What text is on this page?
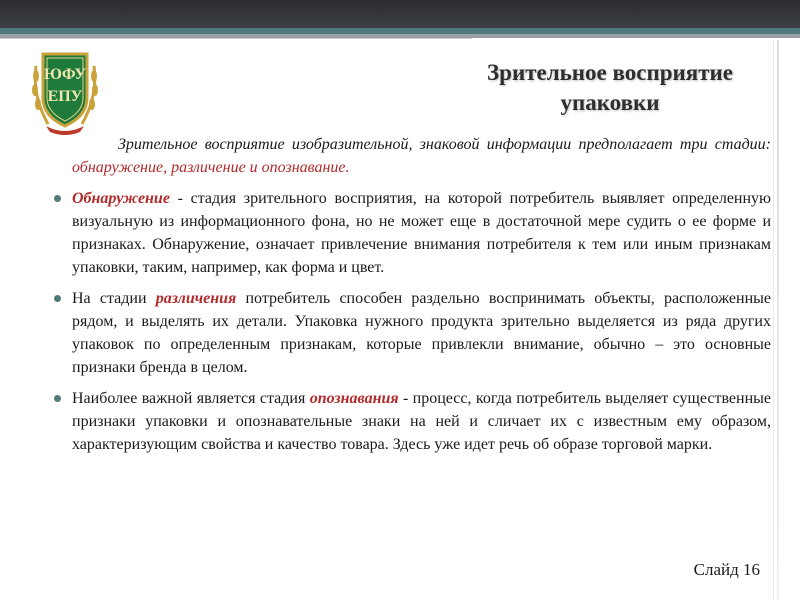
ЮФУ
ЕПУ
Зрительное восприятие
упаковки

Зрительное восприятие изобразительной, знаковой информации предполагает три стадии: обнаружение, различение и опознавание.

Обнаружение - стадия зрительного восприятия, на которой потребитель выявляет определенную визуальную из информационного фона, но не может еще в достаточной мере судить о ее форме и признаках. Обнаружение, означает привлечение внимания потребителя к тем или иным признакам упаковки, таким, например, как форма и цвет.

На стадии различения потребитель способен раздельно воспринимать объекты, расположенные рядом, и выделять их детали. Упаковка нужного продукта зрительно выделяется из ряда других упаковок по определенным признакам, которые привлекли внимание, обычно – это основные признаки бренда в целом.

Наиболее важной является стадия опознавания - процесс, когда потребитель выделяет существенные признаки упаковки и опознавательные знаки на ней и сличает их с известным ему образом, характеризующим свойства и качество товара. Здесь уже идет речь об образе торговой марки.

Слайд 16
